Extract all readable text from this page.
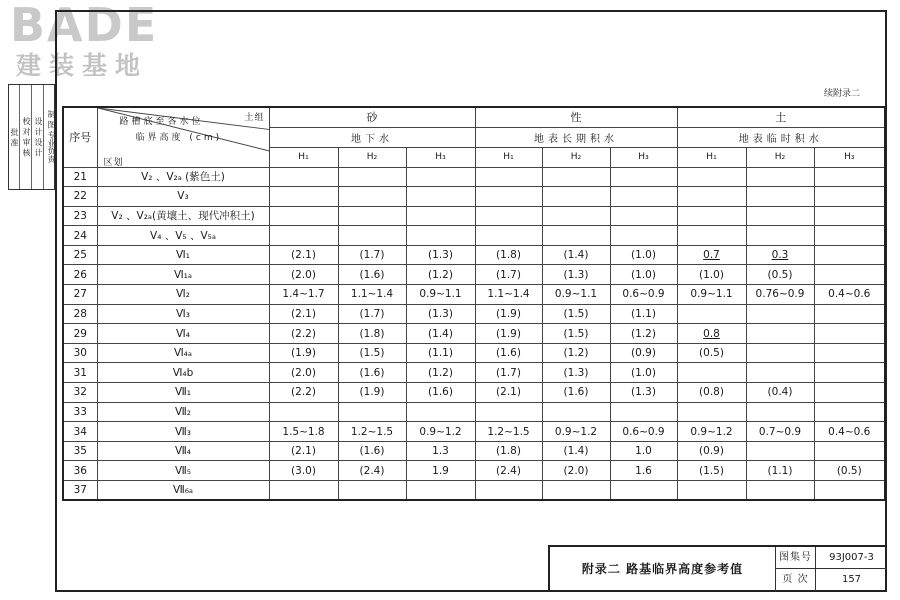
BADE
建装基地
批 准 校 对 审 核 设 计 设 计 制 图 专业负责
续附录二
序号	土组
路槽底至各水位
临界高度 (cm)
区划	砂			性			土		
		地下水			地表长期积水			地表临时积水		
		H₁	H₂	H₃	H₁	H₂	H₃	H₁	H₂	H₃
21	V₂ 、V₂ₐ (紫色土)									
22	V₃									
23	V₂ 、V₂ₐ(黄壤土、现代冲积土)									
24	V₄ 、V₅ 、V₅ₐ									
25	Ⅵ₁	(2.1)	(1.7)	(1.3)	(1.8)	(1.4)	(1.0)	0.7	0.3	
26	Ⅵ₁ₐ	(2.0)	(1.6)	(1.2)	(1.7)	(1.3)	(1.0)	(1.0)	(0.5)	
27	Ⅵ₂	1.4~1.7	1.1~1.4	0.9~1.1	1.1~1.4	0.9~1.1	0.6~0.9	0.9~1.1	0.76~0.9	0.4~0.6
28	Ⅵ₃	(2.1)	(1.7)	(1.3)	(1.9)	(1.5)	(1.1)			
29	Ⅵ₄	(2.2)	(1.8)	(1.4)	(1.9)	(1.5)	(1.2)	0.8		
30	Ⅵ₄ₐ	(1.9)	(1.5)	(1.1)	(1.6)	(1.2)	(0.9)	(0.5)		
31	Ⅵ₄b	(2.0)	(1.6)	(1.2)	(1.7)	(1.3)	(1.0)			
32	Ⅶ₁	(2.2)	(1.9)	(1.6)	(2.1)	(1.6)	(1.3)	(0.8)	(0.4)	
33	Ⅶ₂									
34	Ⅶ₃	1.5~1.8	1.2~1.5	0.9~1.2	1.2~1.5	0.9~1.2	0.6~0.9	0.9~1.2	0.7~0.9	0.4~0.6
35	Ⅶ₄	(2.1)	(1.6)	1.3	(1.8)	(1.4)	1.0	(0.9)		
36	Ⅶ₅	(3.0)	(2.4)	1.9	(2.4)	(2.0)	1.6	(1.5)	(1.1)	(0.5)
37	Ⅶ₆ₐ									
附录二 路基临界高度参考值
图集号	93J007-3
页 次	157
